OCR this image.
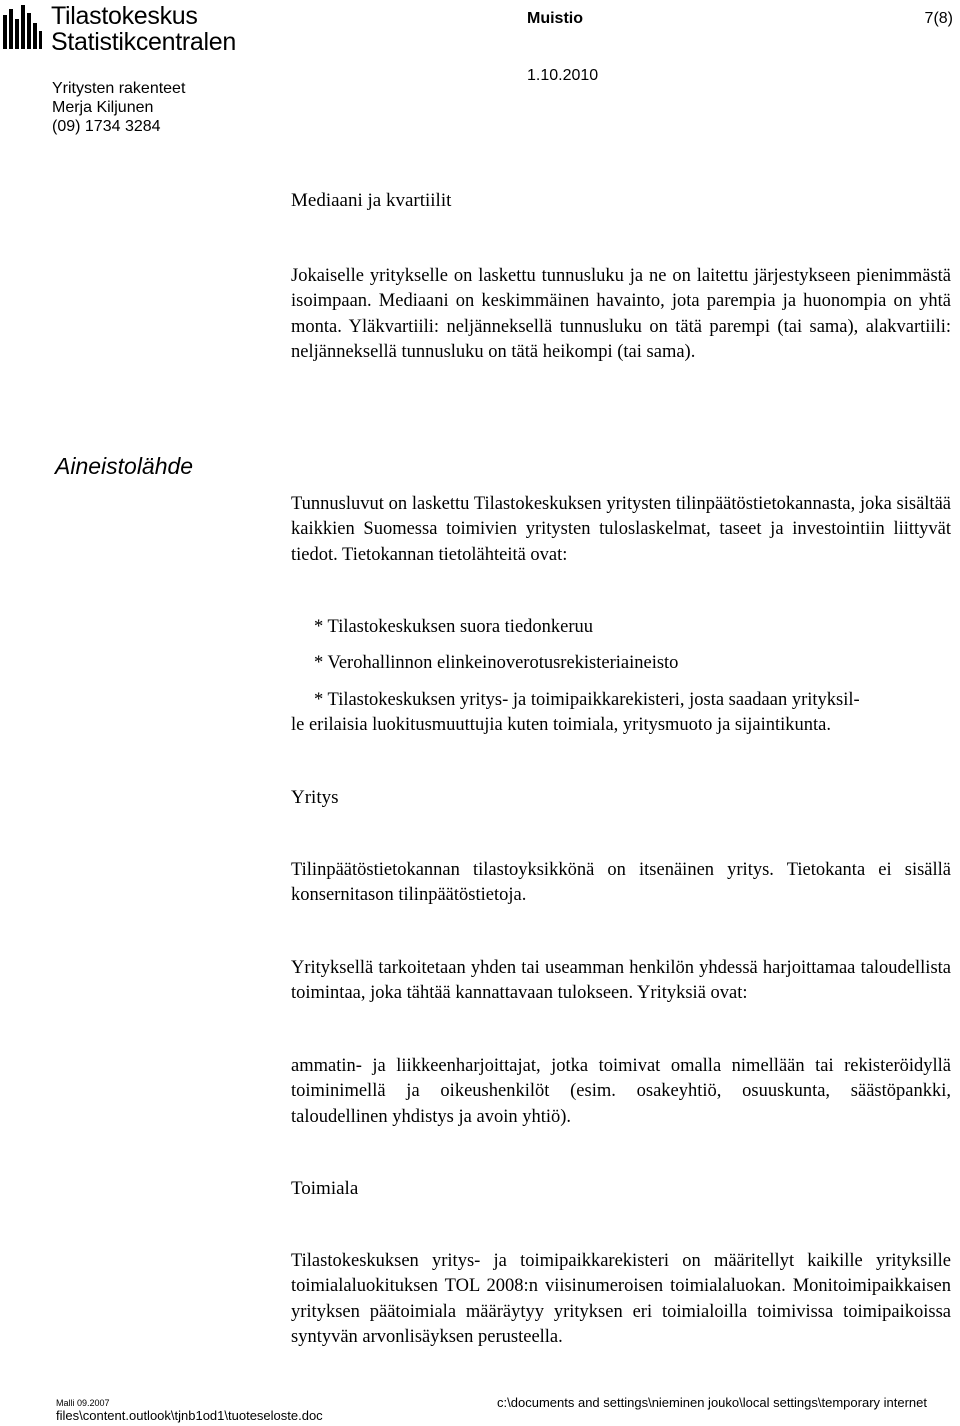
Tilastokeskus
Statistikcentralen
Muistio	7(8)
1.10.2010
Yritysten rakenteet
Merja Kiljunen
(09) 1734 3284
Mediaani ja kvartiilit

Jokaiselle yritykselle on laskettu tunnusluku ja ne on laitettu järjestykseen pienimmästä isoimpaan. Mediaani on keskimmäinen havainto, jota parempia ja huonompia on yhtä monta. Yläkvartiili: neljänneksellä tunnusluku on tätä parempi (tai sama), alakvartiili: neljänneksellä tunnusluku on tätä heikompi (tai sama).

Aineistolähde

Tunnusluvut on laskettu Tilastokeskuksen yritysten tilinpäätöstietokannasta, joka sisältää kaikkien Suomessa toimivien yritysten tuloslaskelmat, taseet ja investointiin liittyvät tiedot. Tietokannan tietolähteitä ovat:

* Tilastokeskuksen suora tiedonkeruu

* Verohallinnon elinkeinoverotusrekisteriaineisto

* Tilastokeskuksen yritys- ja toimipaikkarekisteri, josta saadaan yrityksil-

le erilaisia luokitusmuuttujia kuten toimiala, yritysmuoto ja sijaintikunta.

Yritys

Tilinpäätöstietokannan tilastoyksikkönä on itsenäinen yritys. Tietokanta ei sisällä konsernitason tilinpäätöstietoja.

Yrityksellä tarkoitetaan yhden tai useamman henkilön yhdessä harjoittamaa taloudellista toimintaa, joka tähtää kannattavaan tulokseen. Yrityksiä ovat:

ammatin- ja liikkeenharjoittajat, jotka toimivat omalla nimellään tai rekisteröidyllä toiminimellä ja oikeushenkilöt (esim. osakeyhtiö, osuuskunta, säästöpankki, taloudellinen yhdistys ja avoin yhtiö).

Toimiala

Tilastokeskuksen yritys- ja toimipaikkarekisteri on määritellyt kaikille yrityksille toimialaluokituksen TOL 2008:n viisinumeroisen toimialaluokan. Monitoimipaikkaisen yrityksen päätoimiala määräytyy yrityksen eri toimialoilla toimivissa toimipaikoissa syntyvän arvonlisäyksen perusteella.

Malli 09.2007
files\content.outlook\tjnb1od1\tuoteseloste.doc
c:\documents and settings\nieminen jouko\local settings\temporary internet
